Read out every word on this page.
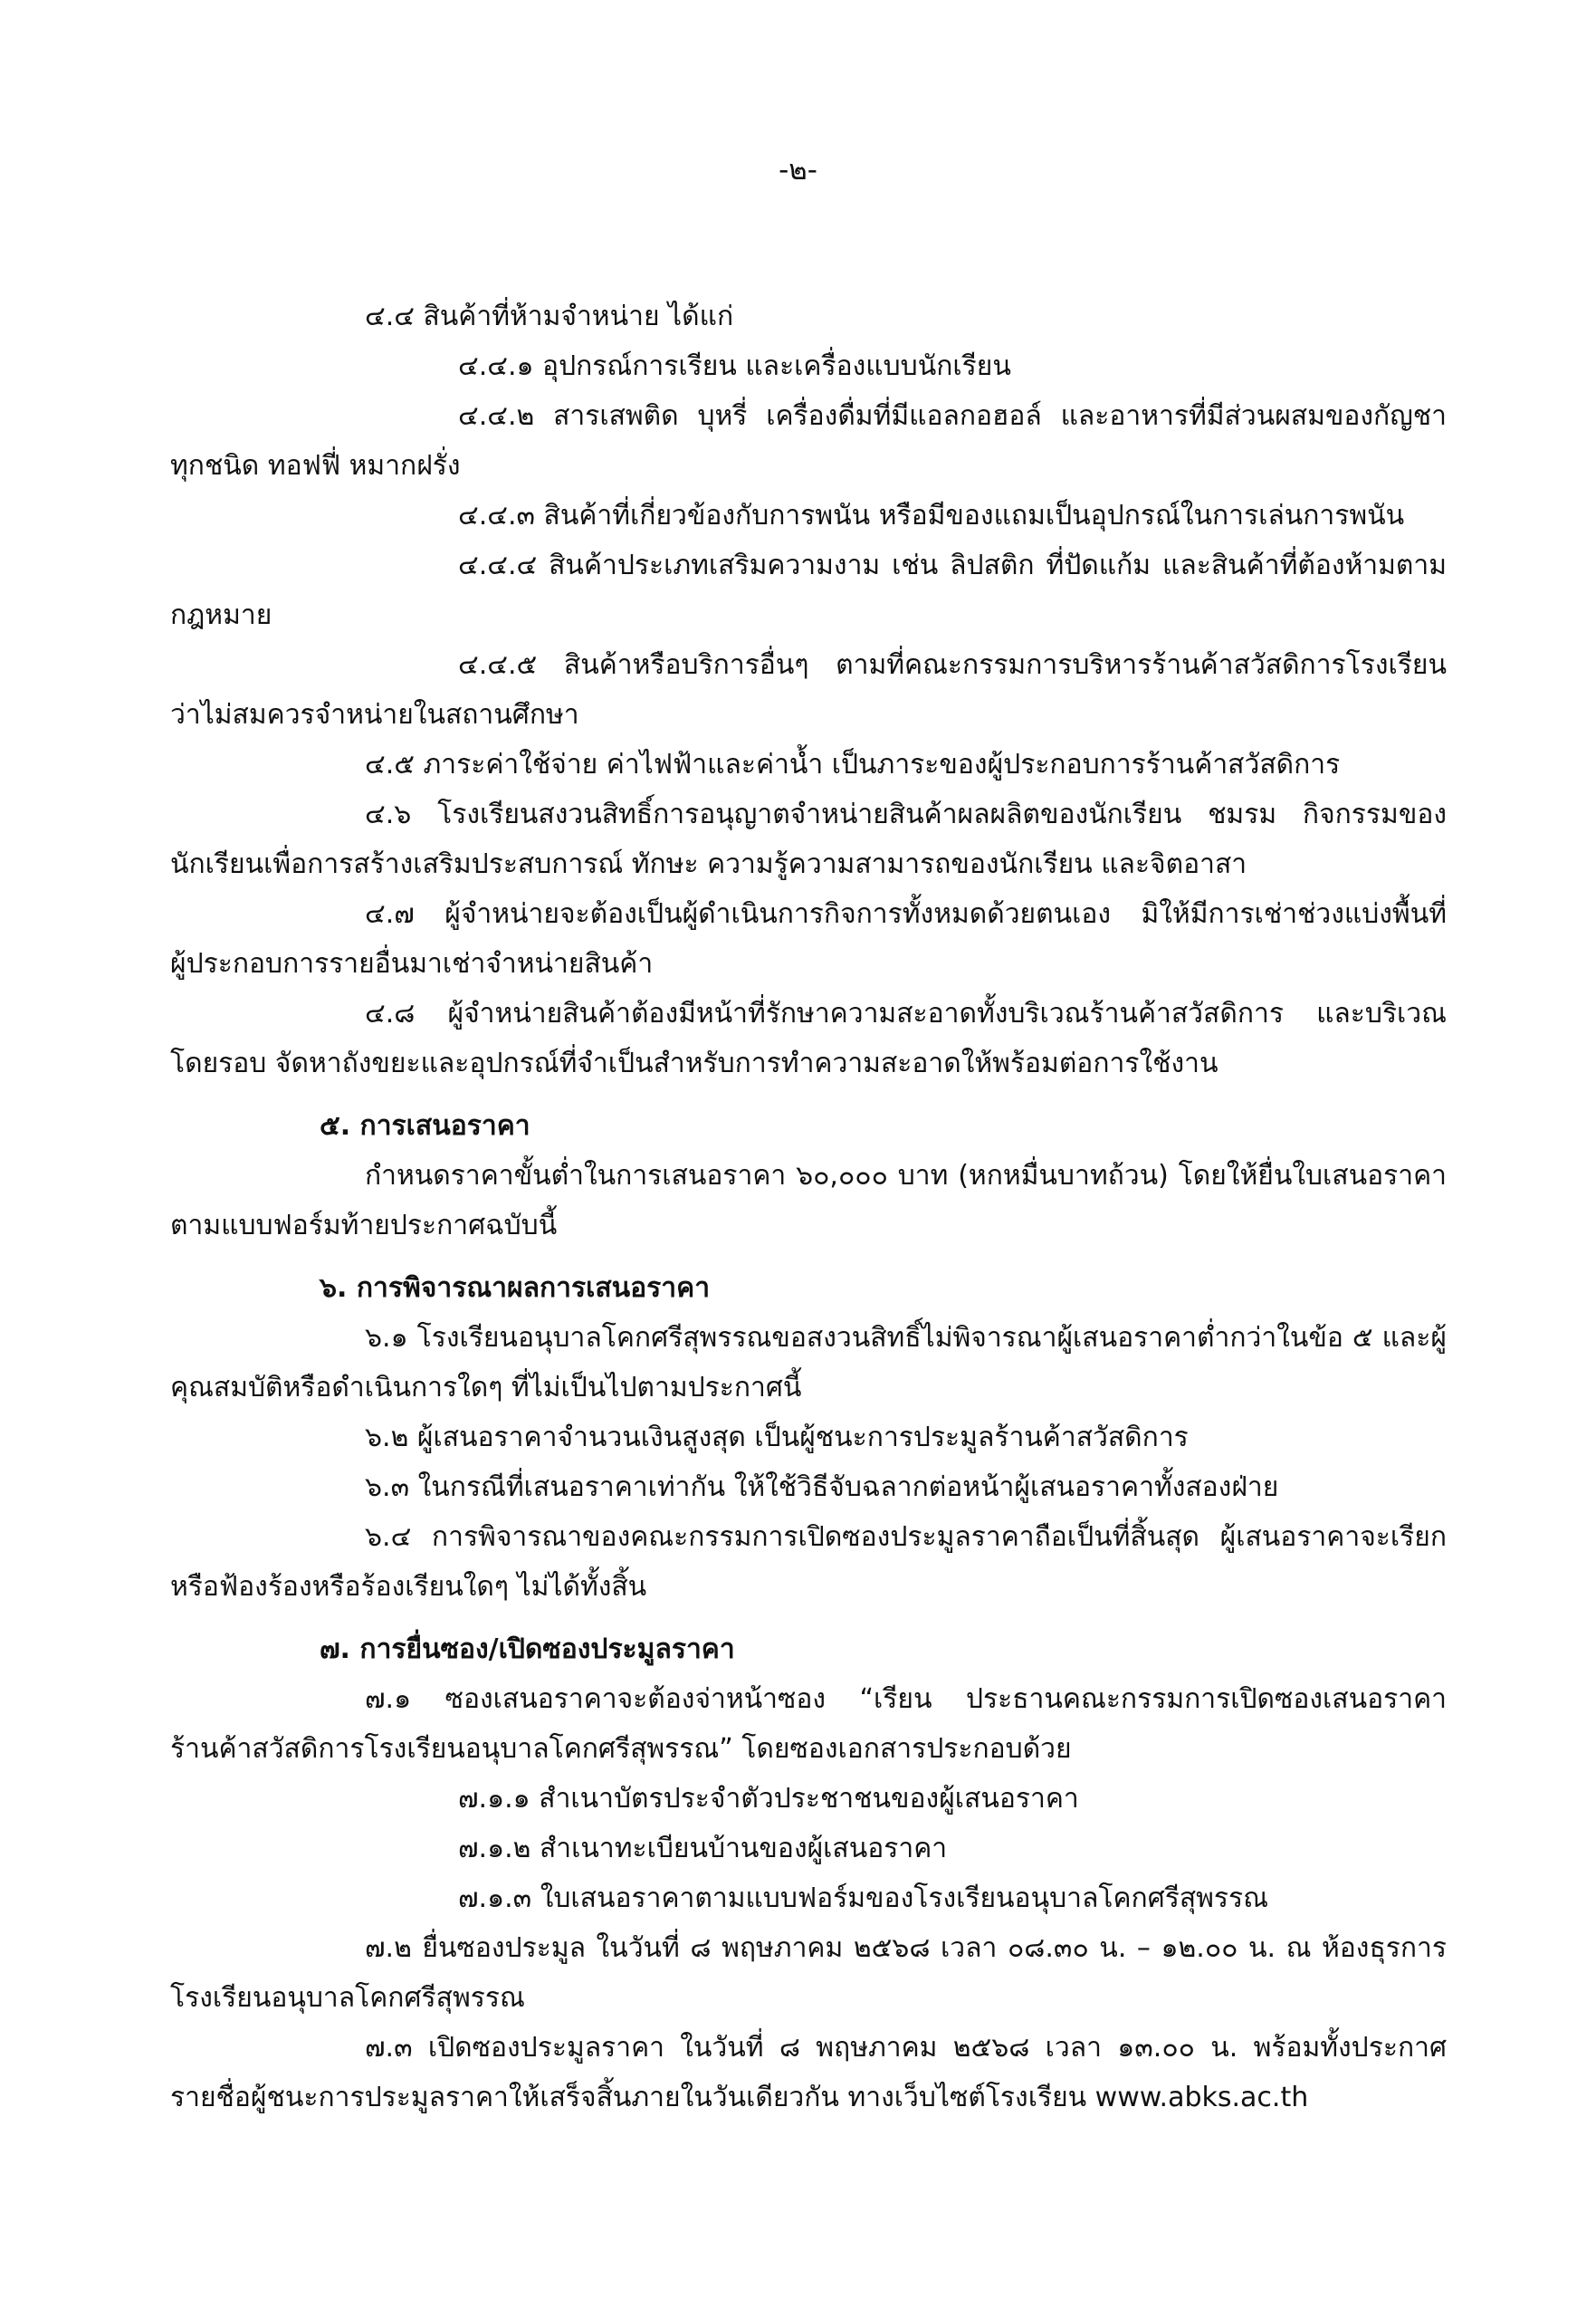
-๒-
๔.๔ สินค้าที่ห้ามจำหน่าย ได้แก่
๔.๔.๑ อุปกรณ์การเรียน และเครื่องแบบนักเรียน
๔.๔.๒ สารเสพติด บุหรี่ เครื่องดื่มที่มีแอลกอฮอล์ และอาหารที่มีส่วนผสมของกัญชา
ทุกชนิด ทอฟฟี่ หมากฝรั่ง
๔.๔.๓ สินค้าที่เกี่ยวข้องกับการพนัน หรือมีของแถมเป็นอุปกรณ์ในการเล่นการพนัน
๔.๔.๔ สินค้าประเภทเสริมความงาม เช่น ลิปสติก ที่ปัดแก้ม และสินค้าที่ต้องห้ามตาม
กฎหมาย
๔.๔.๕ สินค้าหรือบริการอื่นๆ ตามที่คณะกรรมการบริหารร้านค้าสวัสดิการโรงเรียน
ว่าไม่สมควรจำหน่ายในสถานศึกษา
๔.๕ ภาระค่าใช้จ่าย ค่าไฟฟ้าและค่าน้ำ เป็นภาระของผู้ประกอบการร้านค้าสวัสดิการ
๔.๖ โรงเรียนสงวนสิทธิ์การอนุญาตจำหน่ายสินค้าผลผลิตของนักเรียน ชมรม กิจกรรมของ
นักเรียนเพื่อการสร้างเสริมประสบการณ์ ทักษะ ความรู้ความสามารถของนักเรียน และจิตอาสา
๔.๗ ผู้จำหน่ายจะต้องเป็นผู้ดำเนินการกิจการทั้งหมดด้วยตนเอง มิให้มีการเช่าช่วงแบ่งพื้นที่
ผู้ประกอบการรายอื่นมาเช่าจำหน่ายสินค้า
๔.๘ ผู้จำหน่ายสินค้าต้องมีหน้าที่รักษาความสะอาดทั้งบริเวณร้านค้าสวัสดิการ และบริเวณ
โดยรอบ จัดหาถังขยะและอุปกรณ์ที่จำเป็นสำหรับการทำความสะอาดให้พร้อมต่อการใช้งาน
๕. การเสนอราคา
กำหนดราคาขั้นต่ำในการเสนอราคา ๖๐,๐๐๐ บาท (หกหมื่นบาทถ้วน) โดยให้ยื่นใบเสนอราคา
ตามแบบฟอร์มท้ายประกาศฉบับนี้
๖. การพิจารณาผลการเสนอราคา
๖.๑ โรงเรียนอนุบาลโคกศรีสุพรรณขอสงวนสิทธิ์ไม่พิจารณาผู้เสนอราคาต่ำกว่าในข้อ ๕ และผู้
คุณสมบัติหรือดำเนินการใดๆ ที่ไม่เป็นไปตามประกาศนี้
๖.๒ ผู้เสนอราคาจำนวนเงินสูงสุด เป็นผู้ชนะการประมูลร้านค้าสวัสดิการ
๖.๓ ในกรณีที่เสนอราคาเท่ากัน ให้ใช้วิธีจับฉลากต่อหน้าผู้เสนอราคาทั้งสองฝ่าย
๖.๔ การพิจารณาของคณะกรรมการเปิดซองประมูลราคาถือเป็นที่สิ้นสุด ผู้เสนอราคาจะเรียก
หรือฟ้องร้องหรือร้องเรียนใดๆ ไม่ได้ทั้งสิ้น
๗. การยื่นซอง/เปิดซองประมูลราคา
๗.๑ ซองเสนอราคาจะต้องจ่าหน้าซอง “เรียน ประธานคณะกรรมการเปิดซองเสนอราคา
ร้านค้าสวัสดิการโรงเรียนอนุบาลโคกศรีสุพรรณ” โดยซองเอกสารประกอบด้วย
๗.๑.๑ สำเนาบัตรประจำตัวประชาชนของผู้เสนอราคา
๗.๑.๒ สำเนาทะเบียนบ้านของผู้เสนอราคา
๗.๑.๓ ใบเสนอราคาตามแบบฟอร์มของโรงเรียนอนุบาลโคกศรีสุพรรณ
๗.๒ ยื่นซองประมูล ในวันที่ ๘ พฤษภาคม ๒๕๖๘ เวลา ๐๘.๓๐ น. – ๑๒.๐๐ น. ณ ห้องธุรการ
โรงเรียนอนุบาลโคกศรีสุพรรณ
๗.๓ เปิดซองประมูลราคา ในวันที่ ๘ พฤษภาคม ๒๕๖๘ เวลา ๑๓.๐๐ น. พร้อมทั้งประกาศ
รายชื่อผู้ชนะการประมูลราคาให้เสร็จสิ้นภายในวันเดียวกัน ทางเว็บไซต์โรงเรียน www.abks.ac.th
